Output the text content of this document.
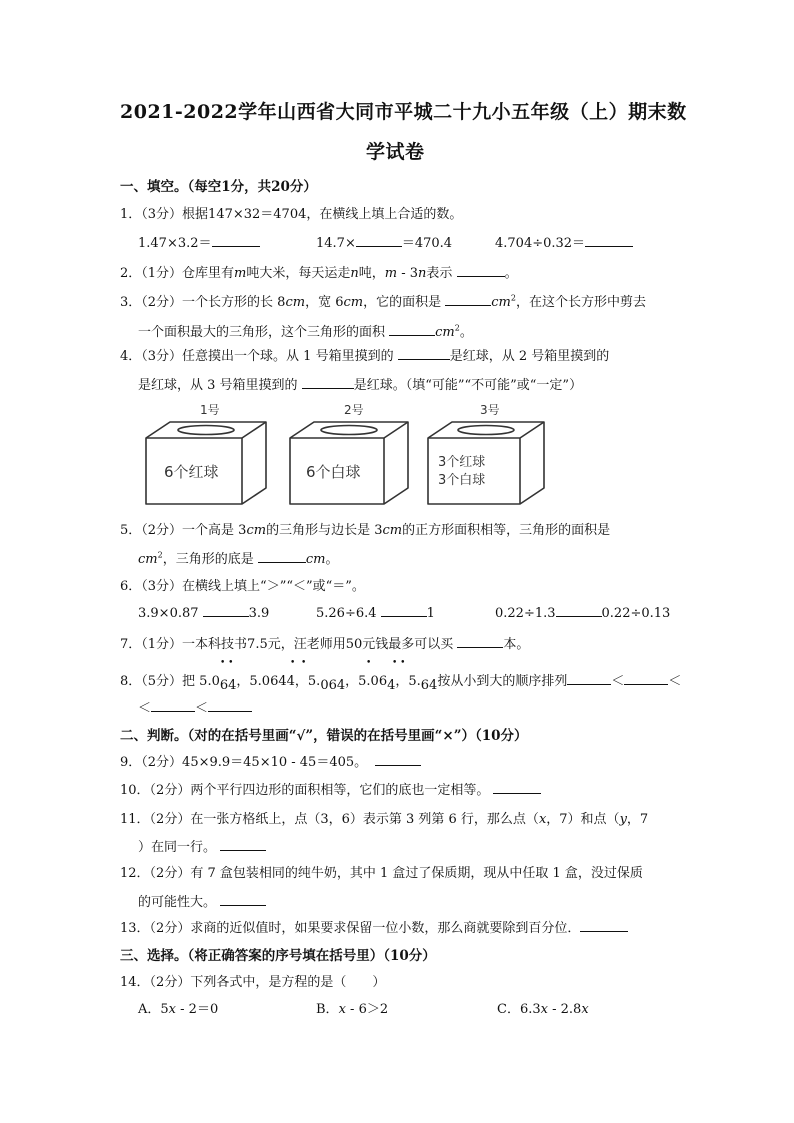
2021-2022学年山西省大同市平城二十九小五年级（上）期末数
学试卷
一、填空。（每空1分，共20分）
1．（3分）根据147×32＝4704，在横线上填上合适的数。
1.47×3.2＝	14.7×	＝470.4	4.704÷0.32＝
2．（1分）仓库里有m吨大米，每天运走n吨，m - 3n表示	。
3．（2分）一个长方形的长 8cm，宽 6cm，它的面积是	$cm^2$，在这个长方形中剪去
一个面积最大的三角形，这个三角形的面积	$cm^2$。
4．（3分）任意摸出一个球。从 1 号箱里摸到的	是红球，从 2 号箱里摸到的
是红球，从 3 号箱里摸到的	是红球。（填“可能”“不可能”或“一定”）
1号	2号	3号
6个红球	6个白球
3个红球
3个白球
5．（2分）一个高是 3cm的三角形与边长是 3cm的正方形面积相等，三角形的面积是
$cm^2$，三角形的底是	cm。
6．（3分）在横线上填上“＞”“＜”或“＝”。
3.9×0.87	3.9	5.26÷6.4	1	0.22÷1.3	0.22÷0.13
7．（1分）一本科技书7.5元，汪老师用50元钱最多可以买	本。
8．（5分）把 5.064，5.0644，5.064，5.064，5.64按从小到大的顺序排列	＜	＜
• •	•  •	• • •
＜	＜
二、判断。（对的在括号里画“√”，错误的在括号里画“×”）（10分）
9．（2分）45×9.9＝45×10 - 45＝405。
10．（2分）两个平行四边形的面积相等，它们的底也一定相等。
11．（2分）在一张方格纸上，点（3，6）表示第 3 列第 6 行，那么点（x，7）和点（y，7
）在同一行。
12．（2分）有 7 盒包装相同的纯牛奶，其中 1 盒过了保质期，现从中任取 1 盒，没过保质
的可能性大。
13．（2分）求商的近似值时，如果要求保留一位小数，那么商就要除到百分位．
三、选择。（将正确答案的序号填在括号里）（10分）
14．（2分）下列各式中，是方程的是（　　）
A．5x - 2＝0	B．x - 6＞2	C．6.3x - 2.8x
